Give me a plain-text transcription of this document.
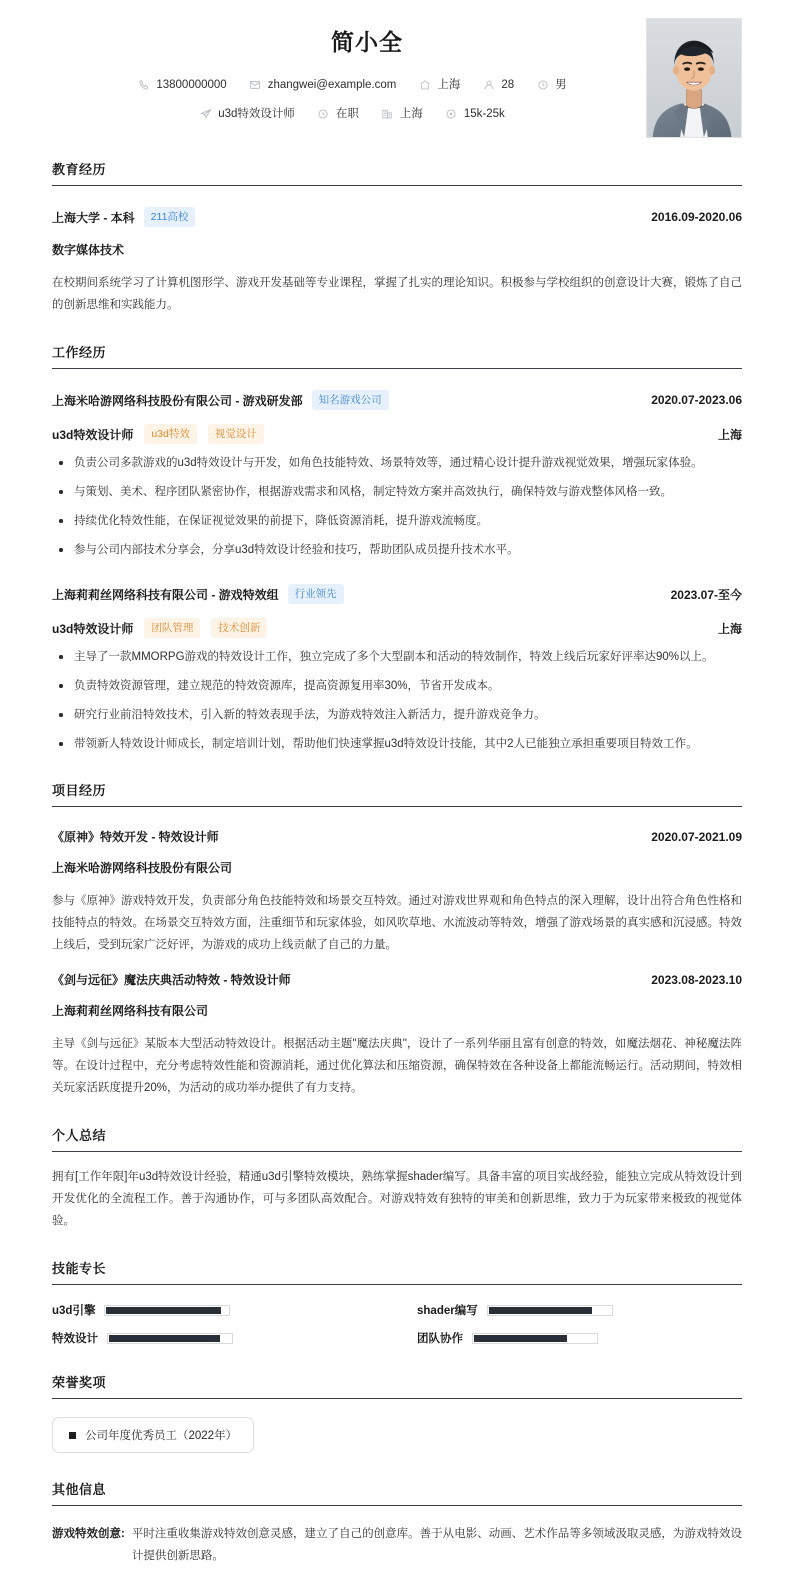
简小全
13800000000	zhangwei@example.com	上海	28	男
u3d特效设计师	在职	上海	15k-25k
教育经历
上海大学 - 本科	211高校	2016.09-2020.06
数字媒体技术
在校期间系统学习了计算机图形学、游戏开发基础等专业课程，掌握了扎实的理论知识。积极参与学校组织的创意设计大赛，锻炼了自己的创新思维和实践能力。
工作经历
上海米哈游网络科技股份有限公司 - 游戏研发部	知名游戏公司	2020.07-2023.06
u3d特效设计师	u3d特效	视觉设计	上海
负责公司多款游戏的u3d特效设计与开发，如角色技能特效、场景特效等，通过精心设计提升游戏视觉效果，增强玩家体验。
与策划、美术、程序团队紧密协作，根据游戏需求和风格，制定特效方案并高效执行，确保特效与游戏整体风格一致。
持续优化特效性能，在保证视觉效果的前提下，降低资源消耗，提升游戏流畅度。
参与公司内部技术分享会，分享u3d特效设计经验和技巧，帮助团队成员提升技术水平。
上海莉莉丝网络科技有限公司 - 游戏特效组	行业领先	2023.07-至今
u3d特效设计师	团队管理	技术创新	上海
主导了一款MMORPG游戏的特效设计工作，独立完成了多个大型副本和活动的特效制作，特效上线后玩家好评率达90%以上。
负责特效资源管理，建立规范的特效资源库，提高资源复用率30%，节省开发成本。
研究行业前沿特效技术，引入新的特效表现手法，为游戏特效注入新活力，提升游戏竞争力。
带领新人特效设计师成长，制定培训计划，帮助他们快速掌握u3d特效设计技能，其中2人已能独立承担重要项目特效工作。
项目经历
《原神》特效开发 - 特效设计师	2020.07-2021.09
上海米哈游网络科技股份有限公司
参与《原神》游戏特效开发，负责部分角色技能特效和场景交互特效。通过对游戏世界观和角色特点的深入理解，设计出符合角色性格和技能特点的特效。在场景交互特效方面，注重细节和玩家体验，如风吹草地、水流波动等特效，增强了游戏场景的真实感和沉浸感。特效上线后，受到玩家广泛好评，为游戏的成功上线贡献了自己的力量。
《剑与远征》魔法庆典活动特效 - 特效设计师	2023.08-2023.10
上海莉莉丝网络科技有限公司
主导《剑与远征》某版本大型活动特效设计。根据活动主题"魔法庆典"，设计了一系列华丽且富有创意的特效，如魔法烟花、神秘魔法阵等。在设计过程中，充分考虑特效性能和资源消耗，通过优化算法和压缩资源，确保特效在各种设备上都能流畅运行。活动期间，特效相关玩家活跃度提升20%，为活动的成功举办提供了有力支持。
个人总结
拥有[工作年限]年u3d特效设计经验，精通u3d引擎特效模块，熟练掌握shader编写。具备丰富的项目实战经验，能独立完成从特效设计到开发优化的全流程工作。善于沟通协作，可与多团队高效配合。对游戏特效有独特的审美和创新思维，致力于为玩家带来极致的视觉体验。
技能专长
u3d引擎	shader编写
特效设计	团队协作
荣誉奖项
公司年度优秀员工（2022年）
其他信息
游戏特效创意: 平时注重收集游戏特效创意灵感，建立了自己的创意库。善于从电影、动画、艺术作品等多领域汲取灵感，为游戏特效设计提供创新思路。
